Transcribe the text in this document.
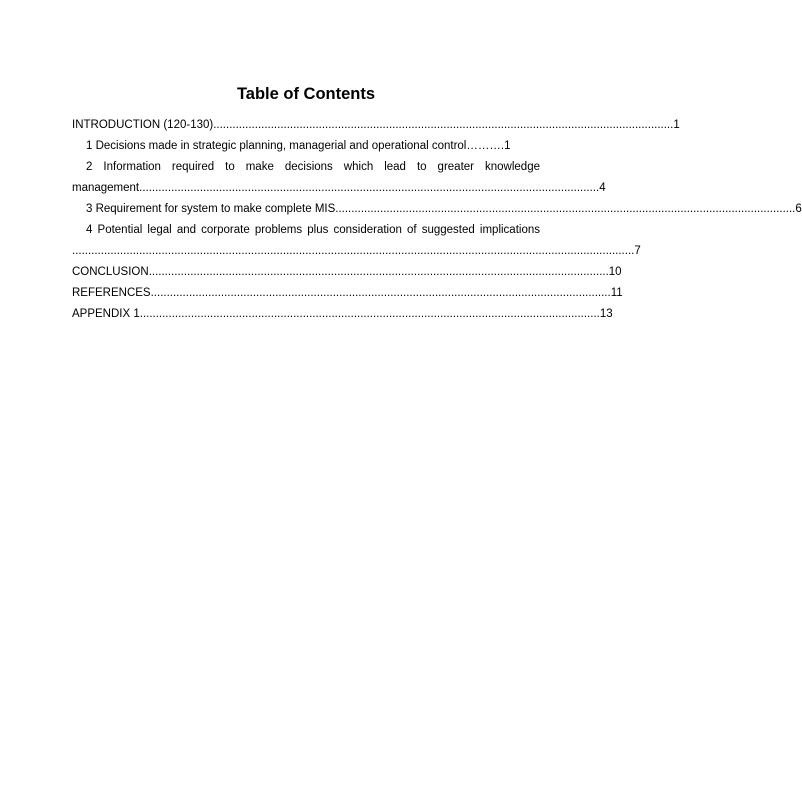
Table of Contents
INTRODUCTION (120-130) ................................................................................................................................................ 1
1 Decisions made in strategic planning, managerial and operational control……….1
2 Information required to make decisions which lead to greater knowledge
management ................................................................................................................................................ 4
3 Requirement for system to make complete MIS ................................................................................................................................................ 6
4 Potential legal and corporate problems plus consideration of suggested implications
................................................................................................................................................................................ 7
CONCLUSION ................................................................................................................................................ 10
REFERENCES ................................................................................................................................................ 11
APPENDIX 1 ................................................................................................................................................ 13
